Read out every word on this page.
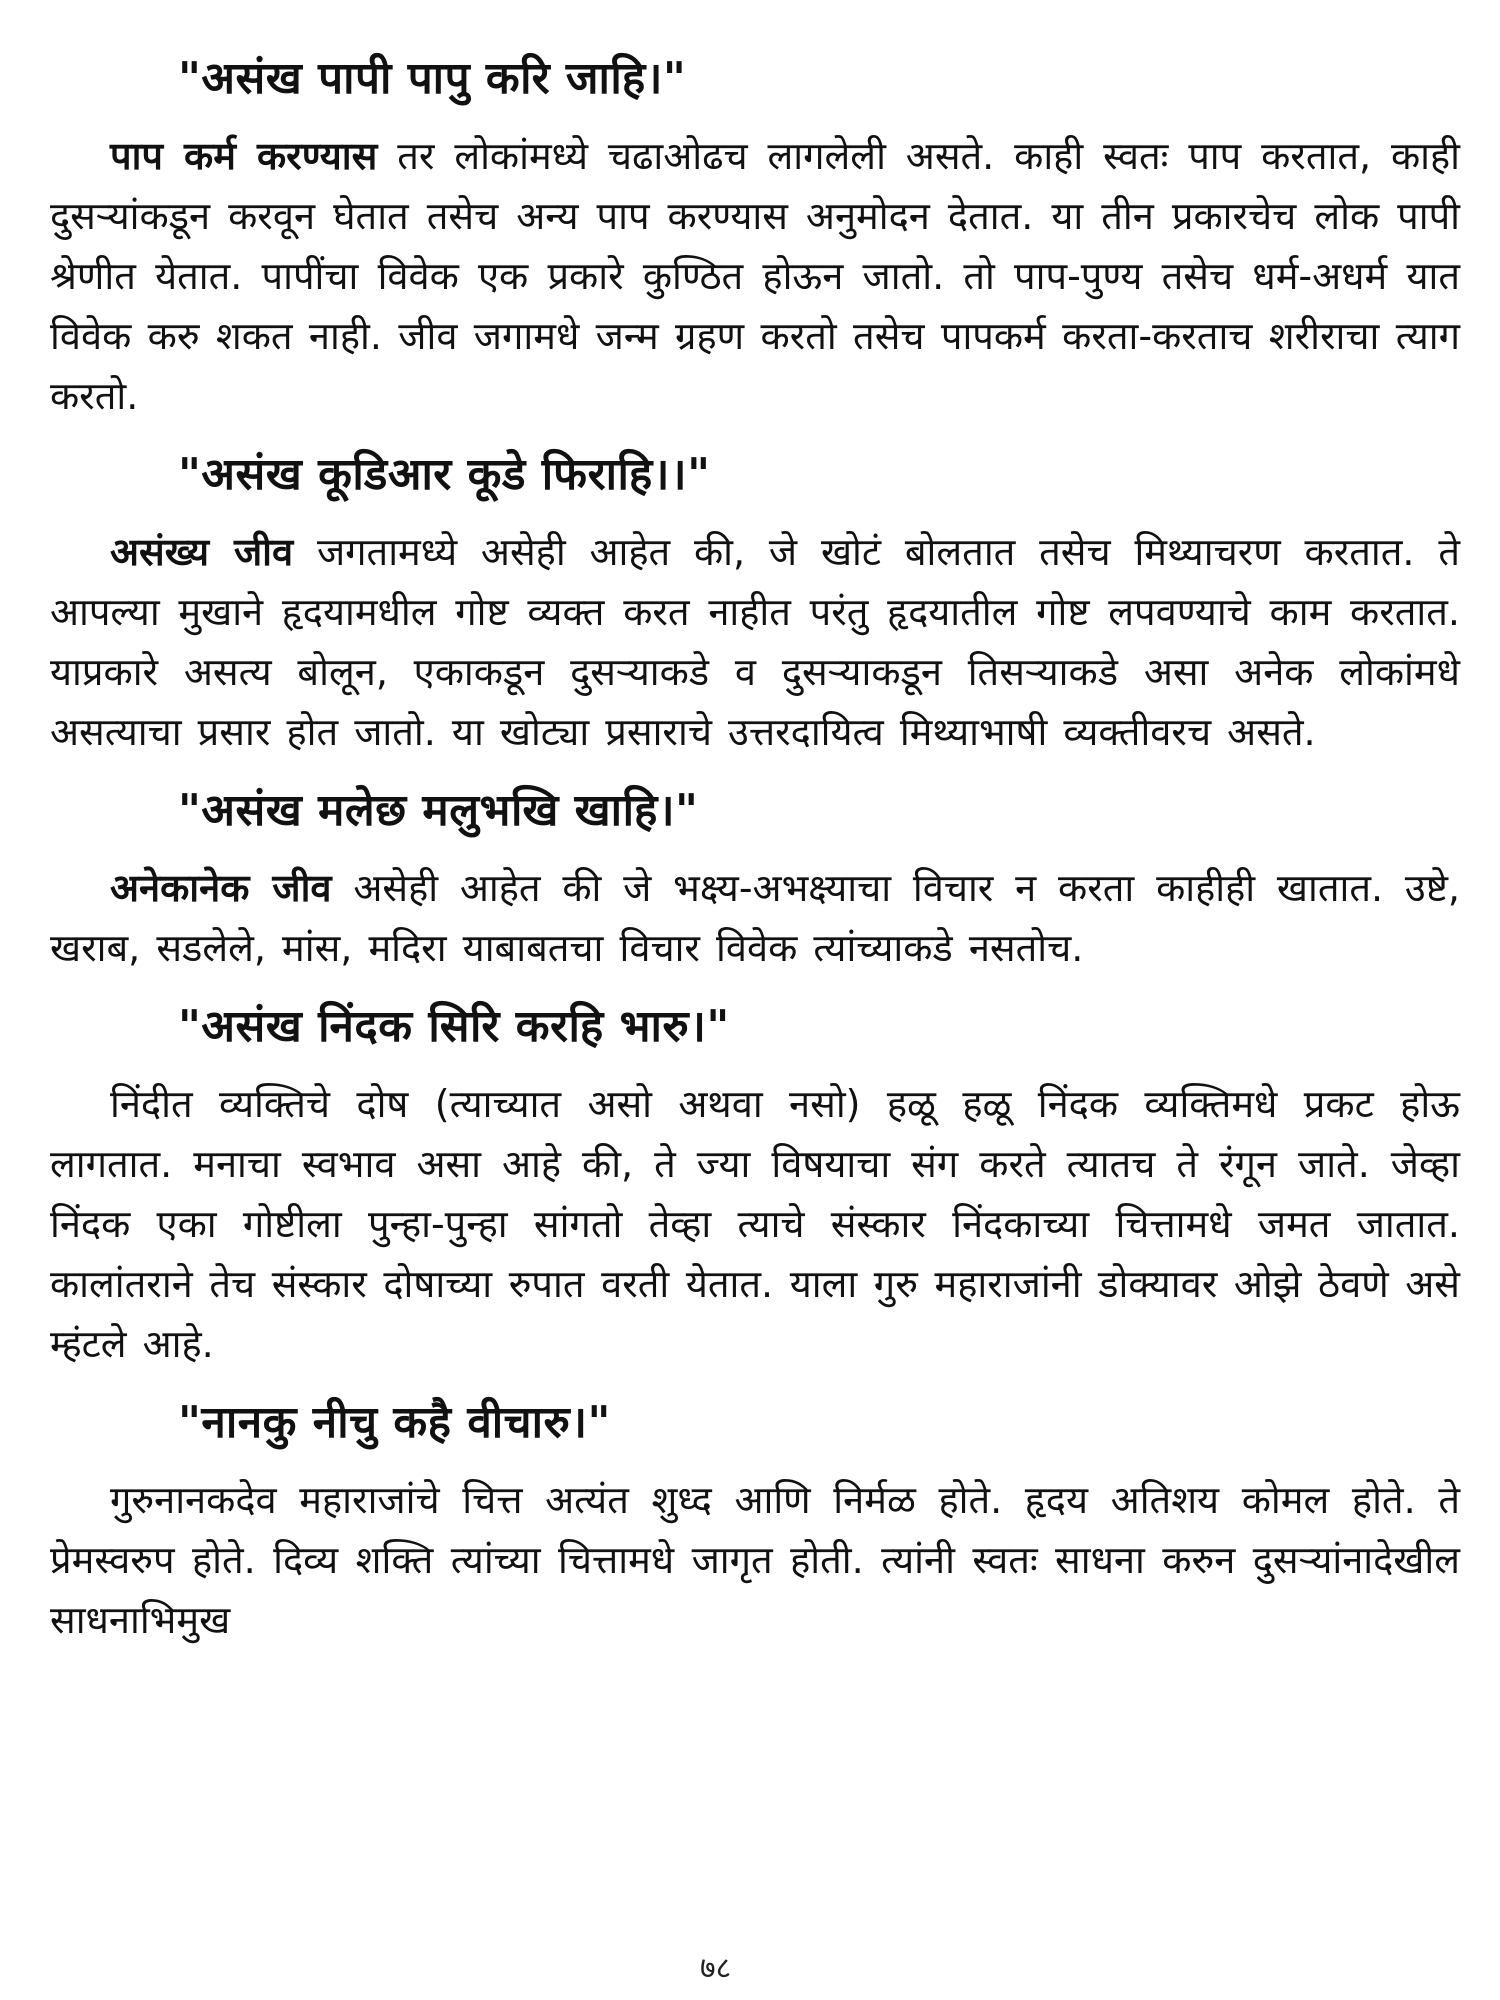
"असंख पापी पापु करि जाहि।"

पाप कर्म करण्यास तर लोकांमध्ये चढाओढच लागलेली असते. काही स्वतः पाप करतात, काही दुसऱ्यांकडून करवून घेतात तसेच अन्य पाप करण्यास अनुमोदन देतात. या तीन प्रकारचेच लोक पापी श्रेणीत येतात. पापींचा विवेक एक प्रकारे कुण्ठित होऊन जातो. तो पाप-पुण्य तसेच धर्म-अधर्म यात विवेक करु शकत नाही. जीव जगामधे जन्म ग्रहण करतो तसेच पापकर्म करता-करताच शरीराचा त्याग करतो.

"असंख कूडिआर कूडे फिराहि।।"

असंख्य जीव जगतामध्ये असेही आहेत की, जे खोटं बोलतात तसेच मिथ्याचरण करतात. ते आपल्या मुखाने हृदयामधील गोष्ट व्यक्त करत नाहीत परंतु हृदयातील गोष्ट लपवण्याचे काम करतात. याप्रकारे असत्य बोलून, एकाकडून दुसऱ्याकडे व दुसऱ्याकडून तिसऱ्याकडे असा अनेक लोकांमधे असत्याचा प्रसार होत जातो. या खोट्या प्रसाराचे उत्तरदायित्व मिथ्याभाषी व्यक्तीवरच असते.

"असंख मलेछ मलुभखि खाहि।"

अनेकानेक जीव असेही आहेत की जे भक्ष्य-अभक्ष्याचा विचार न करता काहीही खातात. उष्टे, खराब, सडलेले, मांस, मदिरा याबाबतचा विचार विवेक त्यांच्याकडे नसतोच.

"असंख निंदक सिरि करहि भारु।"

निंदीत व्यक्तिचे दोष (त्याच्यात असो अथवा नसो) हळू हळू निंदक व्यक्तिमधे प्रकट होऊ लागतात. मनाचा स्वभाव असा आहे की, ते ज्या विषयाचा संग करते त्यातच ते रंगून जाते. जेव्हा निंदक एका गोष्टीला पुन्हा-पुन्हा सांगतो तेव्हा त्याचे संस्कार निंदकाच्या चित्तामधे जमत जातात. कालांतराने तेच संस्कार दोषाच्या रुपात वरती येतात. याला गुरु महाराजांनी डोक्यावर ओझे ठेवणे असे म्हंटले आहे.

"नानकु नीचु कहै वीचारु।"

गुरुनानकदेव महाराजांचे चित्त अत्यंत शुध्द आणि निर्मळ होते. हृदय अतिशय कोमल होते. ते प्रेमस्वरुप होते. दिव्य शक्ति त्यांच्या चित्तामधे जागृत होती. त्यांनी स्वतः साधना करुन दुसऱ्यांनादेखील साधनाभिमुख

७८
